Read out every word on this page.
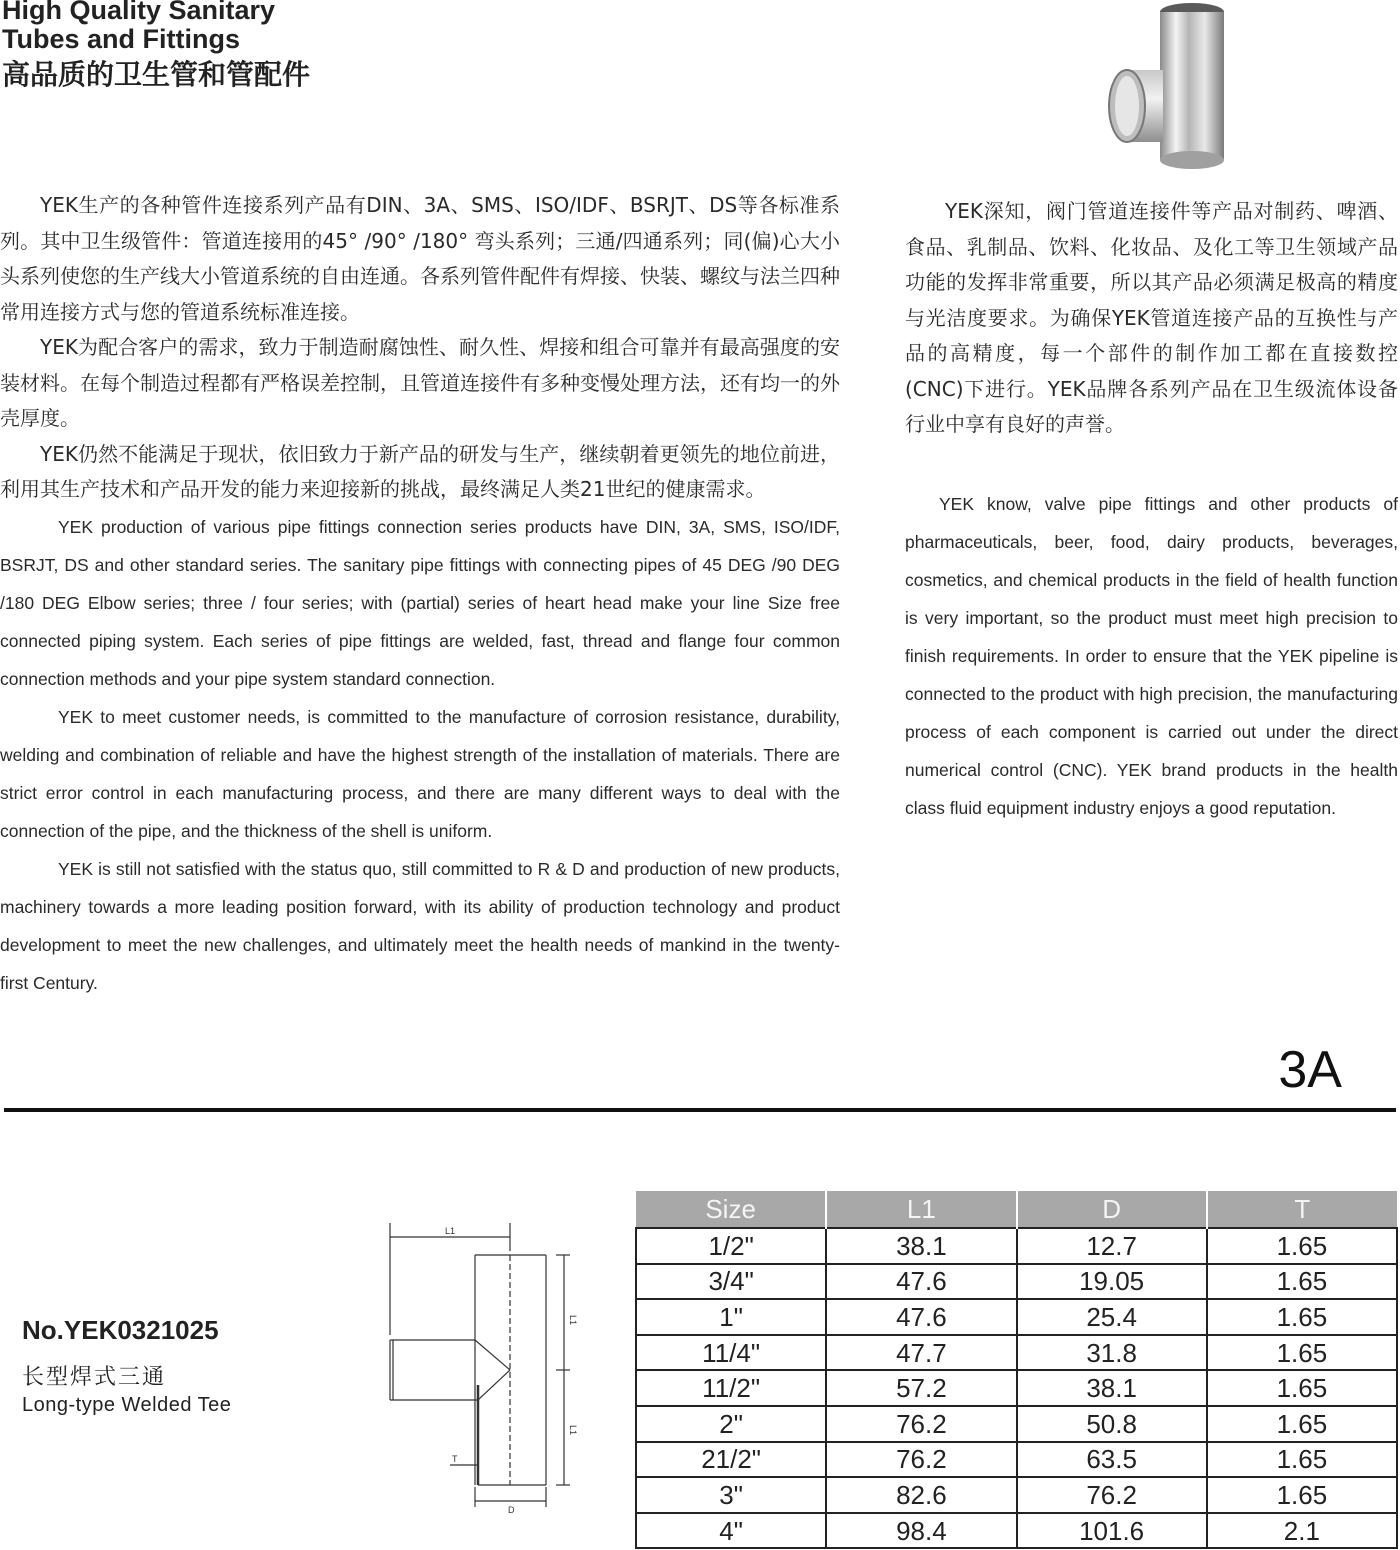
High Quality Sanitary
Tubes and Fittings
高品质的卫生管和管配件

YEK生产的各种管件连接系列产品有DIN、3A、SMS、ISO/IDF、BSRJT、DS等各标准系列。其中卫生级管件：管道连接用的45° /90° /180° 弯头系列；三通/四通系列；同(偏)心大小头系列使您的生产线大小管道系统的自由连通。各系列管件配件有焊接、快装、螺纹与法兰四种常用连接方式与您的管道系统标准连接。

YEK为配合客户的需求，致力于制造耐腐蚀性、耐久性、焊接和组合可靠并有最高强度的安装材料。在每个制造过程都有严格误差控制，且管道连接件有多种变慢处理方法，还有均一的外壳厚度。

YEK仍然不能满足于现状，依旧致力于新产品的研发与生产，继续朝着更领先的地位前进，利用其生产技术和产品开发的能力来迎接新的挑战，最终满足人类21世纪的健康需求。

YEK production of various pipe fittings connection series products have DIN, 3A, SMS, ISO/IDF, BSRJT, DS and other standard series. The sanitary pipe fittings with connecting pipes of 45 DEG /90 DEG /180 DEG Elbow series; three / four series; with (partial) series of heart head make your line Size free connected piping system. Each series of pipe fittings are welded, fast, thread and flange four common connection methods and your pipe system standard connection.

YEK to meet customer needs, is committed to the manufacture of corrosion resistance, durability, welding and combination of reliable and have the highest strength of the installation of materials. There are strict error control in each manufacturing process, and there are many different ways to deal with the connection of the pipe, and the thickness of the shell is uniform.

YEK is still not satisfied with the status quo, still committed to R & D and production of new products, machinery towards a more leading position forward, with its ability of production technology and product development to meet the new challenges, and ultimately meet the health needs of mankind in the twenty-first Century.

YEK深知，阀门管道连接件等产品对制药、啤酒、食品、乳制品、饮料、化妆品、及化工等卫生领域产品功能的发挥非常重要，所以其产品必须满足极高的精度与光洁度要求。为确保YEK管道连接产品的互换性与产品的高精度，每一个部件的制作加工都在直接数控(CNC)下进行。YEK品牌各系列产品在卫生级流体设备行业中享有良好的声誉。

YEK know, valve pipe fittings and other products of pharmaceuticals, beer, food, dairy products, beverages, cosmetics, and chemical products in the field of health function is very important, so the product must meet high precision to finish requirements. In order to ensure that the YEK pipeline is connected to the product with high precision, the manufacturing process of each component is carried out under the direct numerical control (CNC). YEK brand products in the health class fluid equipment industry enjoys a good reputation.

3A
No.YEK0321025
长型焊式三通
Long-type Welded Tee
L1
L1
L1
T
D
Size	L1	D	T
1/2"	38.1	12.7	1.65
3/4"	47.6	19.05	1.65
1"	47.6	25.4	1.65
11/4"	47.7	31.8	1.65
11/2"	57.2	38.1	1.65
2"	76.2	50.8	1.65
21/2"	76.2	63.5	1.65
3"	82.6	76.2	1.65
4"	98.4	101.6	2.1
